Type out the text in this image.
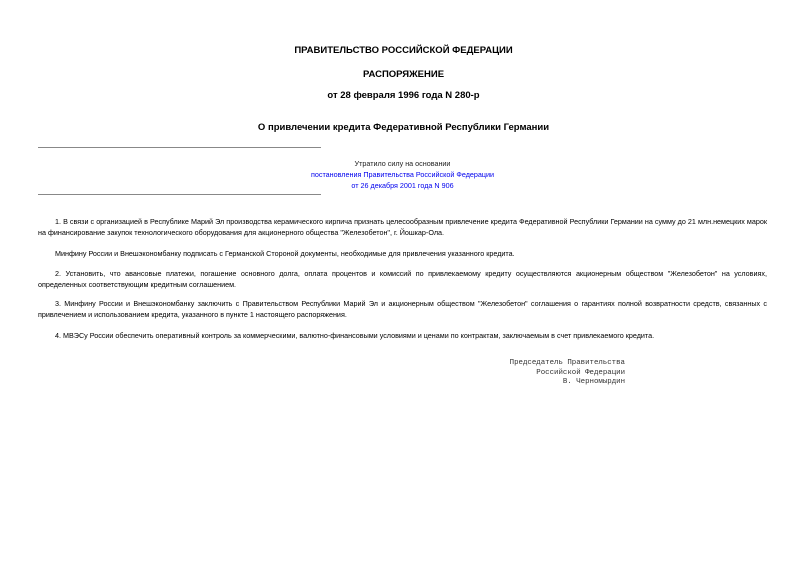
ПРАВИТЕЛЬСТВО РОССИЙСКОЙ ФЕДЕРАЦИИ
РАСПОРЯЖЕНИЕ
от 28 февраля 1996 года N 280-р
О привлечении кредита Федеративной Республики Германии
Утратило силу на основании
постановления Правительства Российской Федерации
от 26 декабря 2001 года N 906
1. В связи с организацией в Республике Марий Эл производства керамического кирпича признать целесообразным привлечение кредита Федеративной Республики Германии на сумму до 21 млн.немецких марок на финансирование закупок технологического оборудования для акционерного общества "Железобетон", г. Йошкар-Ола.
Минфину России и Внешэкономбанку подписать с Германской Стороной документы, необходимые для привлечения указанного кредита.
2. Установить, что авансовые платежи, погашение основного долга, оплата процентов и комиссий по привлекаемому кредиту осуществляются акционерным обществом "Железобетон" на условиях, определенных соответствующим кредитным соглашением.
3. Минфину России и Внешэкономбанку заключить с Правительством Республики Марий Эл и акционерным обществом "Железобетон" соглашения о гарантиях полной возвратности средств, связанных с привлечением и использованием кредита, указанного в пункте 1 настоящего распоряжения.
4. МВЭСу России обеспечить оперативный контроль за коммерческими, валютно-финансовыми условиями и ценами по контрактам, заключаемым в счет привлекаемого кредита.
Председатель Правительства
Российской Федерации
В. Черномырдин
